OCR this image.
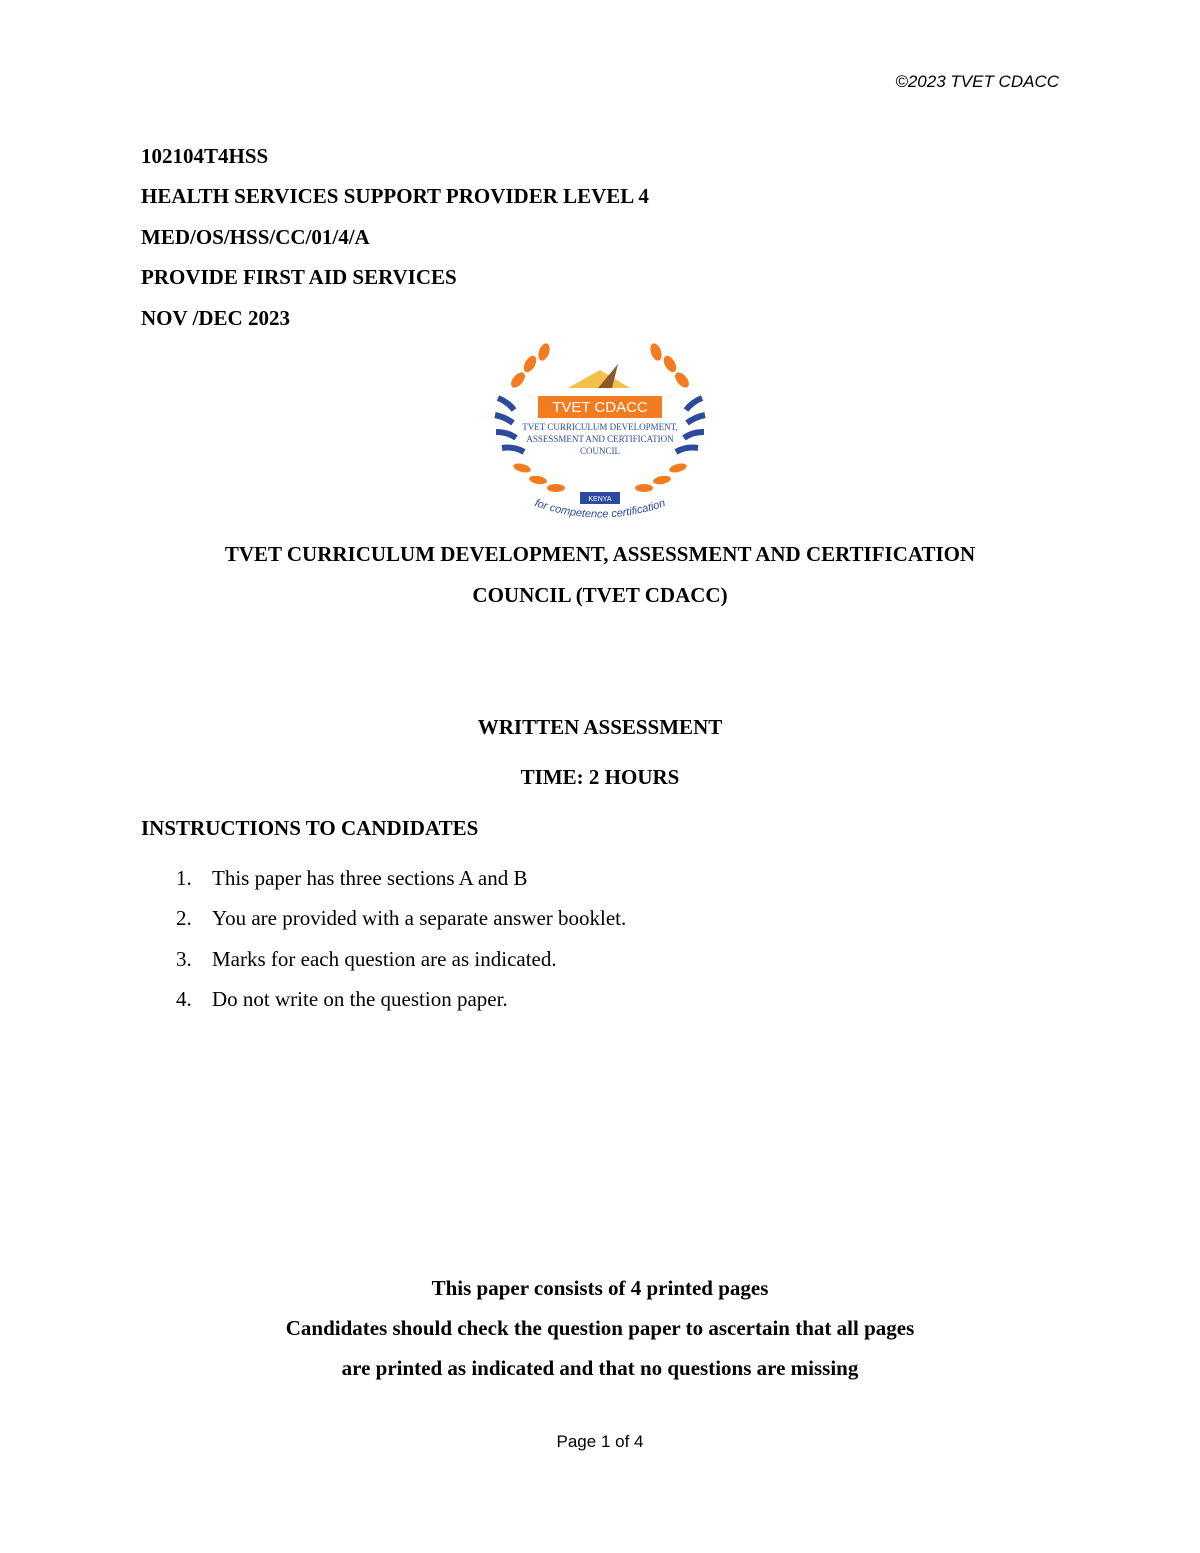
©2023 TVET CDACC
102104T4HSS
HEALTH SERVICES SUPPORT PROVIDER LEVEL 4
MED/OS/HSS/CC/01/4/A
PROVIDE FIRST AID SERVICES
NOV /DEC 2023
TVET CDACC
TVET CURRICULUM DEVELOPMENT,
ASSESSMENT AND CERTIFICATION
COUNCIL
KENYA
for competence certification
TVET CURRICULUM DEVELOPMENT, ASSESSMENT AND CERTIFICATION
COUNCIL (TVET CDACC)
WRITTEN ASSESSMENT
TIME: 2 HOURS
INSTRUCTIONS TO CANDIDATES
1. This paper has three sections A and B
2. You are provided with a separate answer booklet.
3. Marks for each question are as indicated.
4. Do not write on the question paper.
This paper consists of 4 printed pages
Candidates should check the question paper to ascertain that all pages
are printed as indicated and that no questions are missing
Page 1 of 4
